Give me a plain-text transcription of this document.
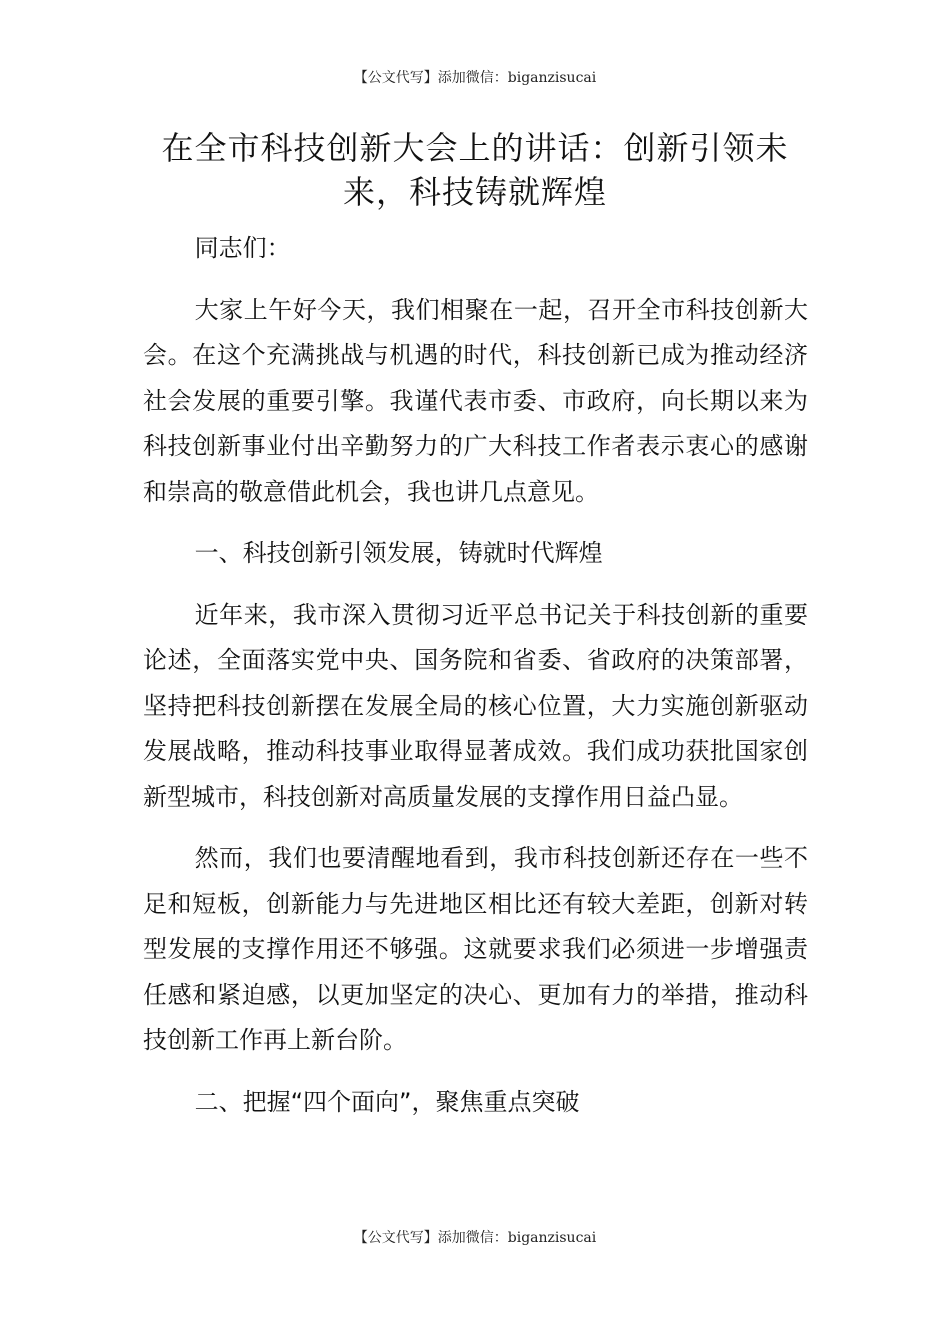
【公文代写】添加微信：biganzisucai
在全市科技创新大会上的讲话：创新引领未来，科技铸就辉煌

同志们：

大家上午好今天，我们相聚在一起，召开全市科技创新大会。在这个充满挑战与机遇的时代，科技创新已成为推动经济社会发展的重要引擎。我谨代表市委、市政府，向长期以来为科技创新事业付出辛勤努力的广大科技工作者表示衷心的感谢和崇高的敬意借此机会，我也讲几点意见。

一、科技创新引领发展，铸就时代辉煌

近年来，我市深入贯彻习近平总书记关于科技创新的重要论述，全面落实党中央、国务院和省委、省政府的决策部署，坚持把科技创新摆在发展全局的核心位置，大力实施创新驱动发展战略，推动科技事业取得显著成效。我们成功获批国家创新型城市，科技创新对高质量发展的支撑作用日益凸显。

然而，我们也要清醒地看到，我市科技创新还存在一些不足和短板，创新能力与先进地区相比还有较大差距，创新对转型发展的支撑作用还不够强。这就要求我们必须进一步增强责任感和紧迫感，以更加坚定的决心、更加有力的举措，推动科技创新工作再上新台阶。

二、把握“四个面向”，聚焦重点突破

【公文代写】添加微信：biganzisucai
